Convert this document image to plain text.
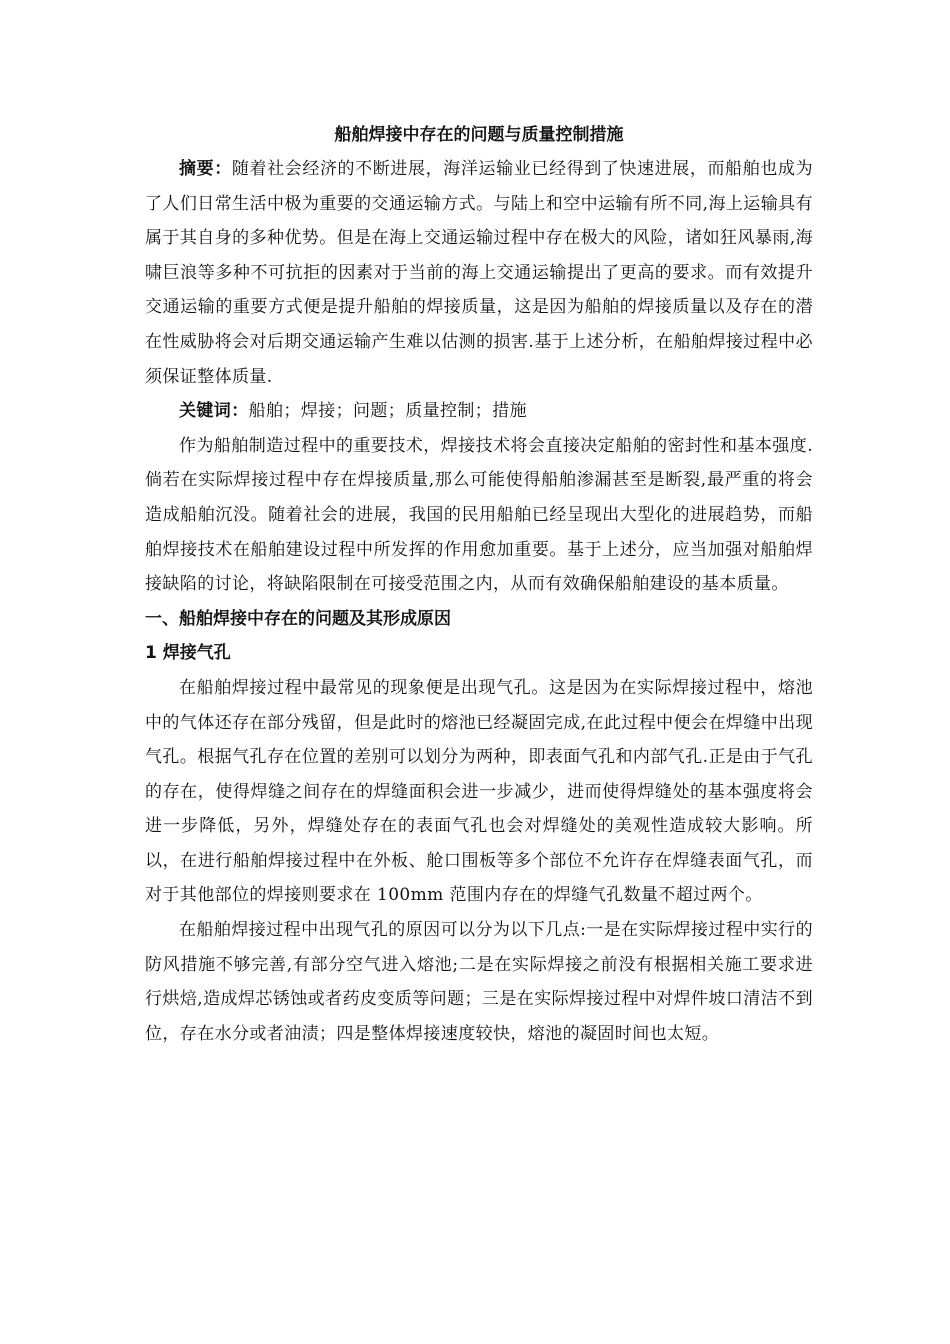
船舶焊接中存在的问题与质量控制措施

摘要：随着社会经济的不断进展，海洋运输业已经得到了快速进展，而船舶也成为了人们日常生活中极为重要的交通运输方式。与陆上和空中运输有所不同,海上运输具有属于其自身的多种优势。但是在海上交通运输过程中存在极大的风险，诸如狂风暴雨,海啸巨浪等多种不可抗拒的因素对于当前的海上交通运输提出了更高的要求。而有效提升交通运输的重要方式便是提升船舶的焊接质量，这是因为船舶的焊接质量以及存在的潜在性威胁将会对后期交通运输产生难以估测的损害.基于上述分析，在船舶焊接过程中必须保证整体质量.

关键词：船舶；焊接；问题；质量控制；措施

作为船舶制造过程中的重要技术，焊接技术将会直接决定船舶的密封性和基本强度.倘若在实际焊接过程中存在焊接质量,那么可能使得船舶渗漏甚至是断裂,最严重的将会造成船舶沉没。随着社会的进展，我国的民用船舶已经呈现出大型化的进展趋势，而船舶焊接技术在船舶建设过程中所发挥的作用愈加重要。基于上述分，应当加强对船舶焊接缺陷的讨论，将缺陷限制在可接受范围之内，从而有效确保船舶建设的基本质量。

一、船舶焊接中存在的问题及其形成原因

1 焊接气孔

在船舶焊接过程中最常见的现象便是出现气孔。这是因为在实际焊接过程中，熔池中的气体还存在部分残留，但是此时的熔池已经凝固完成,在此过程中便会在焊缝中出现气孔。根据气孔存在位置的差别可以划分为两种，即表面气孔和内部气孔.正是由于气孔的存在，使得焊缝之间存在的焊缝面积会进一步减少，进而使得焊缝处的基本强度将会进一步降低，另外，焊缝处存在的表面气孔也会对焊缝处的美观性造成较大影响。所以，在进行船舶焊接过程中在外板、舱口围板等多个部位不允许存在焊缝表面气孔，而对于其他部位的焊接则要求在 100mm 范围内存在的焊缝气孔数量不超过两个。

在船舶焊接过程中出现气孔的原因可以分为以下几点:一是在实际焊接过程中实行的防风措施不够完善,有部分空气进入熔池;二是在实际焊接之前没有根据相关施工要求进行烘焙,造成焊芯锈蚀或者药皮变质等问题；三是在实际焊接过程中对焊件坡口清洁不到位，存在水分或者油渍；四是整体焊接速度较快，熔池的凝固时间也太短。
